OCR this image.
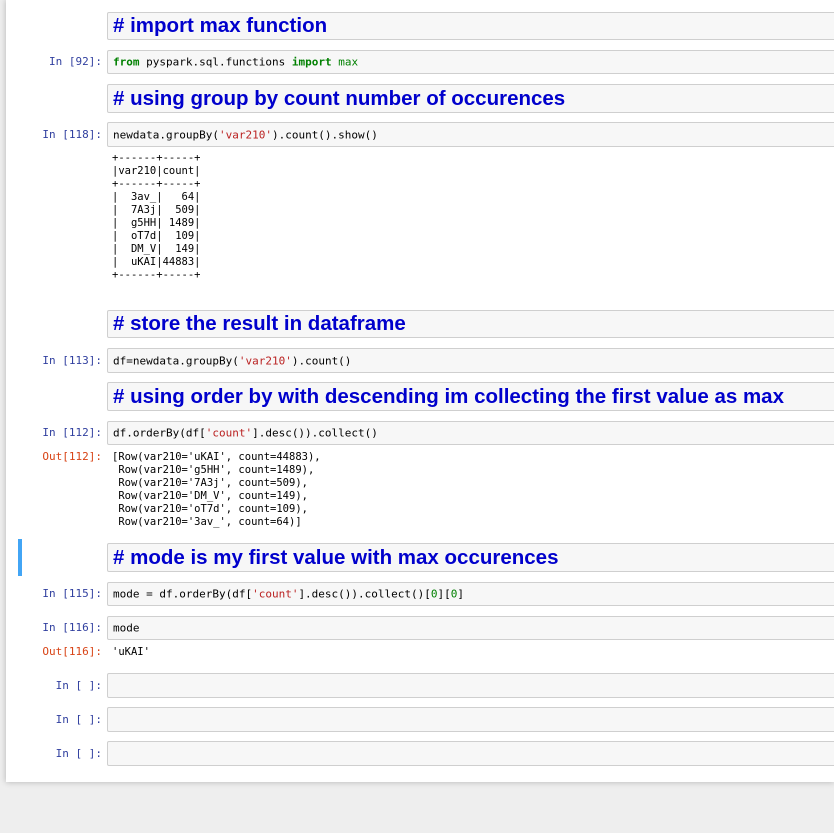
# import max function
In [92]: from pyspark.sql.functions import max
# using group by count number of occurences
In [118]: newdata.groupBy('var210').count().show()
+------+-----+
|var210|count|
+------+-----+
|  3av_|   64|
|  7A3j|  509|
|  g5HH| 1489|
|  oT7d|  109|
|  DM_V|  149|
|  uKAI|44883|
+------+-----+
# store the result in dataframe
In [113]: df=newdata.groupBy('var210').count()
# using order by with descending im collecting the first value as max
In [112]: df.orderBy(df['count'].desc()).collect()
Out[112]: [Row(var210='uKAI', count=44883),
Row(var210='g5HH', count=1489),
Row(var210='7A3j', count=509),
Row(var210='DM_V', count=149),
Row(var210='oT7d', count=109),
Row(var210='3av_', count=64)]
# mode is my first value with max occurences
In [115]: mode = df.orderBy(df['count'].desc()).collect()[0][0]
In [116]: mode
Out[116]: 'uKAI'
In [ ]:
In [ ]:
In [ ]:
